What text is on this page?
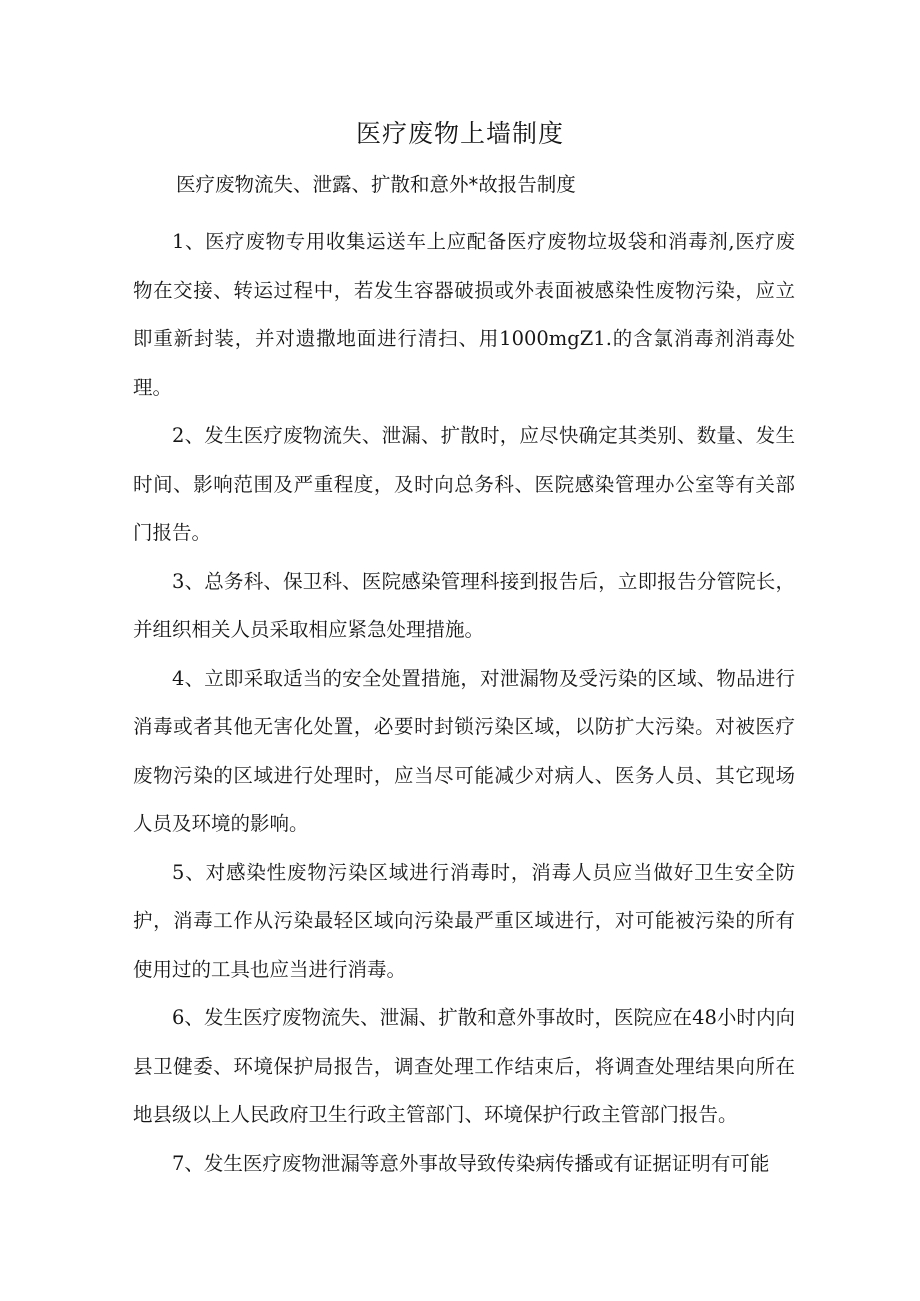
医疗废物上墙制度
医疗废物流失、泄露、扩散和意外*故报告制度

1、医疗废物专用收集运送车上应配备医疗废物垃圾袋和消毒剂,医疗废物在交接、转运过程中，若发生容器破损或外表面被感染性废物污染，应立即重新封装，并对遗撒地面进行清扫、用1000mgZ1.的含氯消毒剂消毒处理。

2、发生医疗废物流失、泄漏、扩散时，应尽快确定其类别、数量、发生时间、影响范围及严重程度，及时向总务科、医院感染管理办公室等有关部门报告。

3、总务科、保卫科、医院感染管理科接到报告后，立即报告分管院长，并组织相关人员采取相应紧急处理措施。

4、立即采取适当的安全处置措施，对泄漏物及受污染的区域、物品进行消毒或者其他无害化处置，必要时封锁污染区域，以防扩大污染。对被医疗废物污染的区域进行处理时，应当尽可能减少对病人、医务人员、其它现场人员及环境的影响。

5、对感染性废物污染区域进行消毒时，消毒人员应当做好卫生安全防护，消毒工作从污染最轻区域向污染最严重区域进行，对可能被污染的所有使用过的工具也应当进行消毒。

6、发生医疗废物流失、泄漏、扩散和意外事故时，医院应在48小时内向县卫健委、环境保护局报告，调查处理工作结束后，将调查处理结果向所在地县级以上人民政府卫生行政主管部门、环境保护行政主管部门报告。

7、发生医疗废物泄漏等意外事故导致传染病传播或有证据证明有可能
